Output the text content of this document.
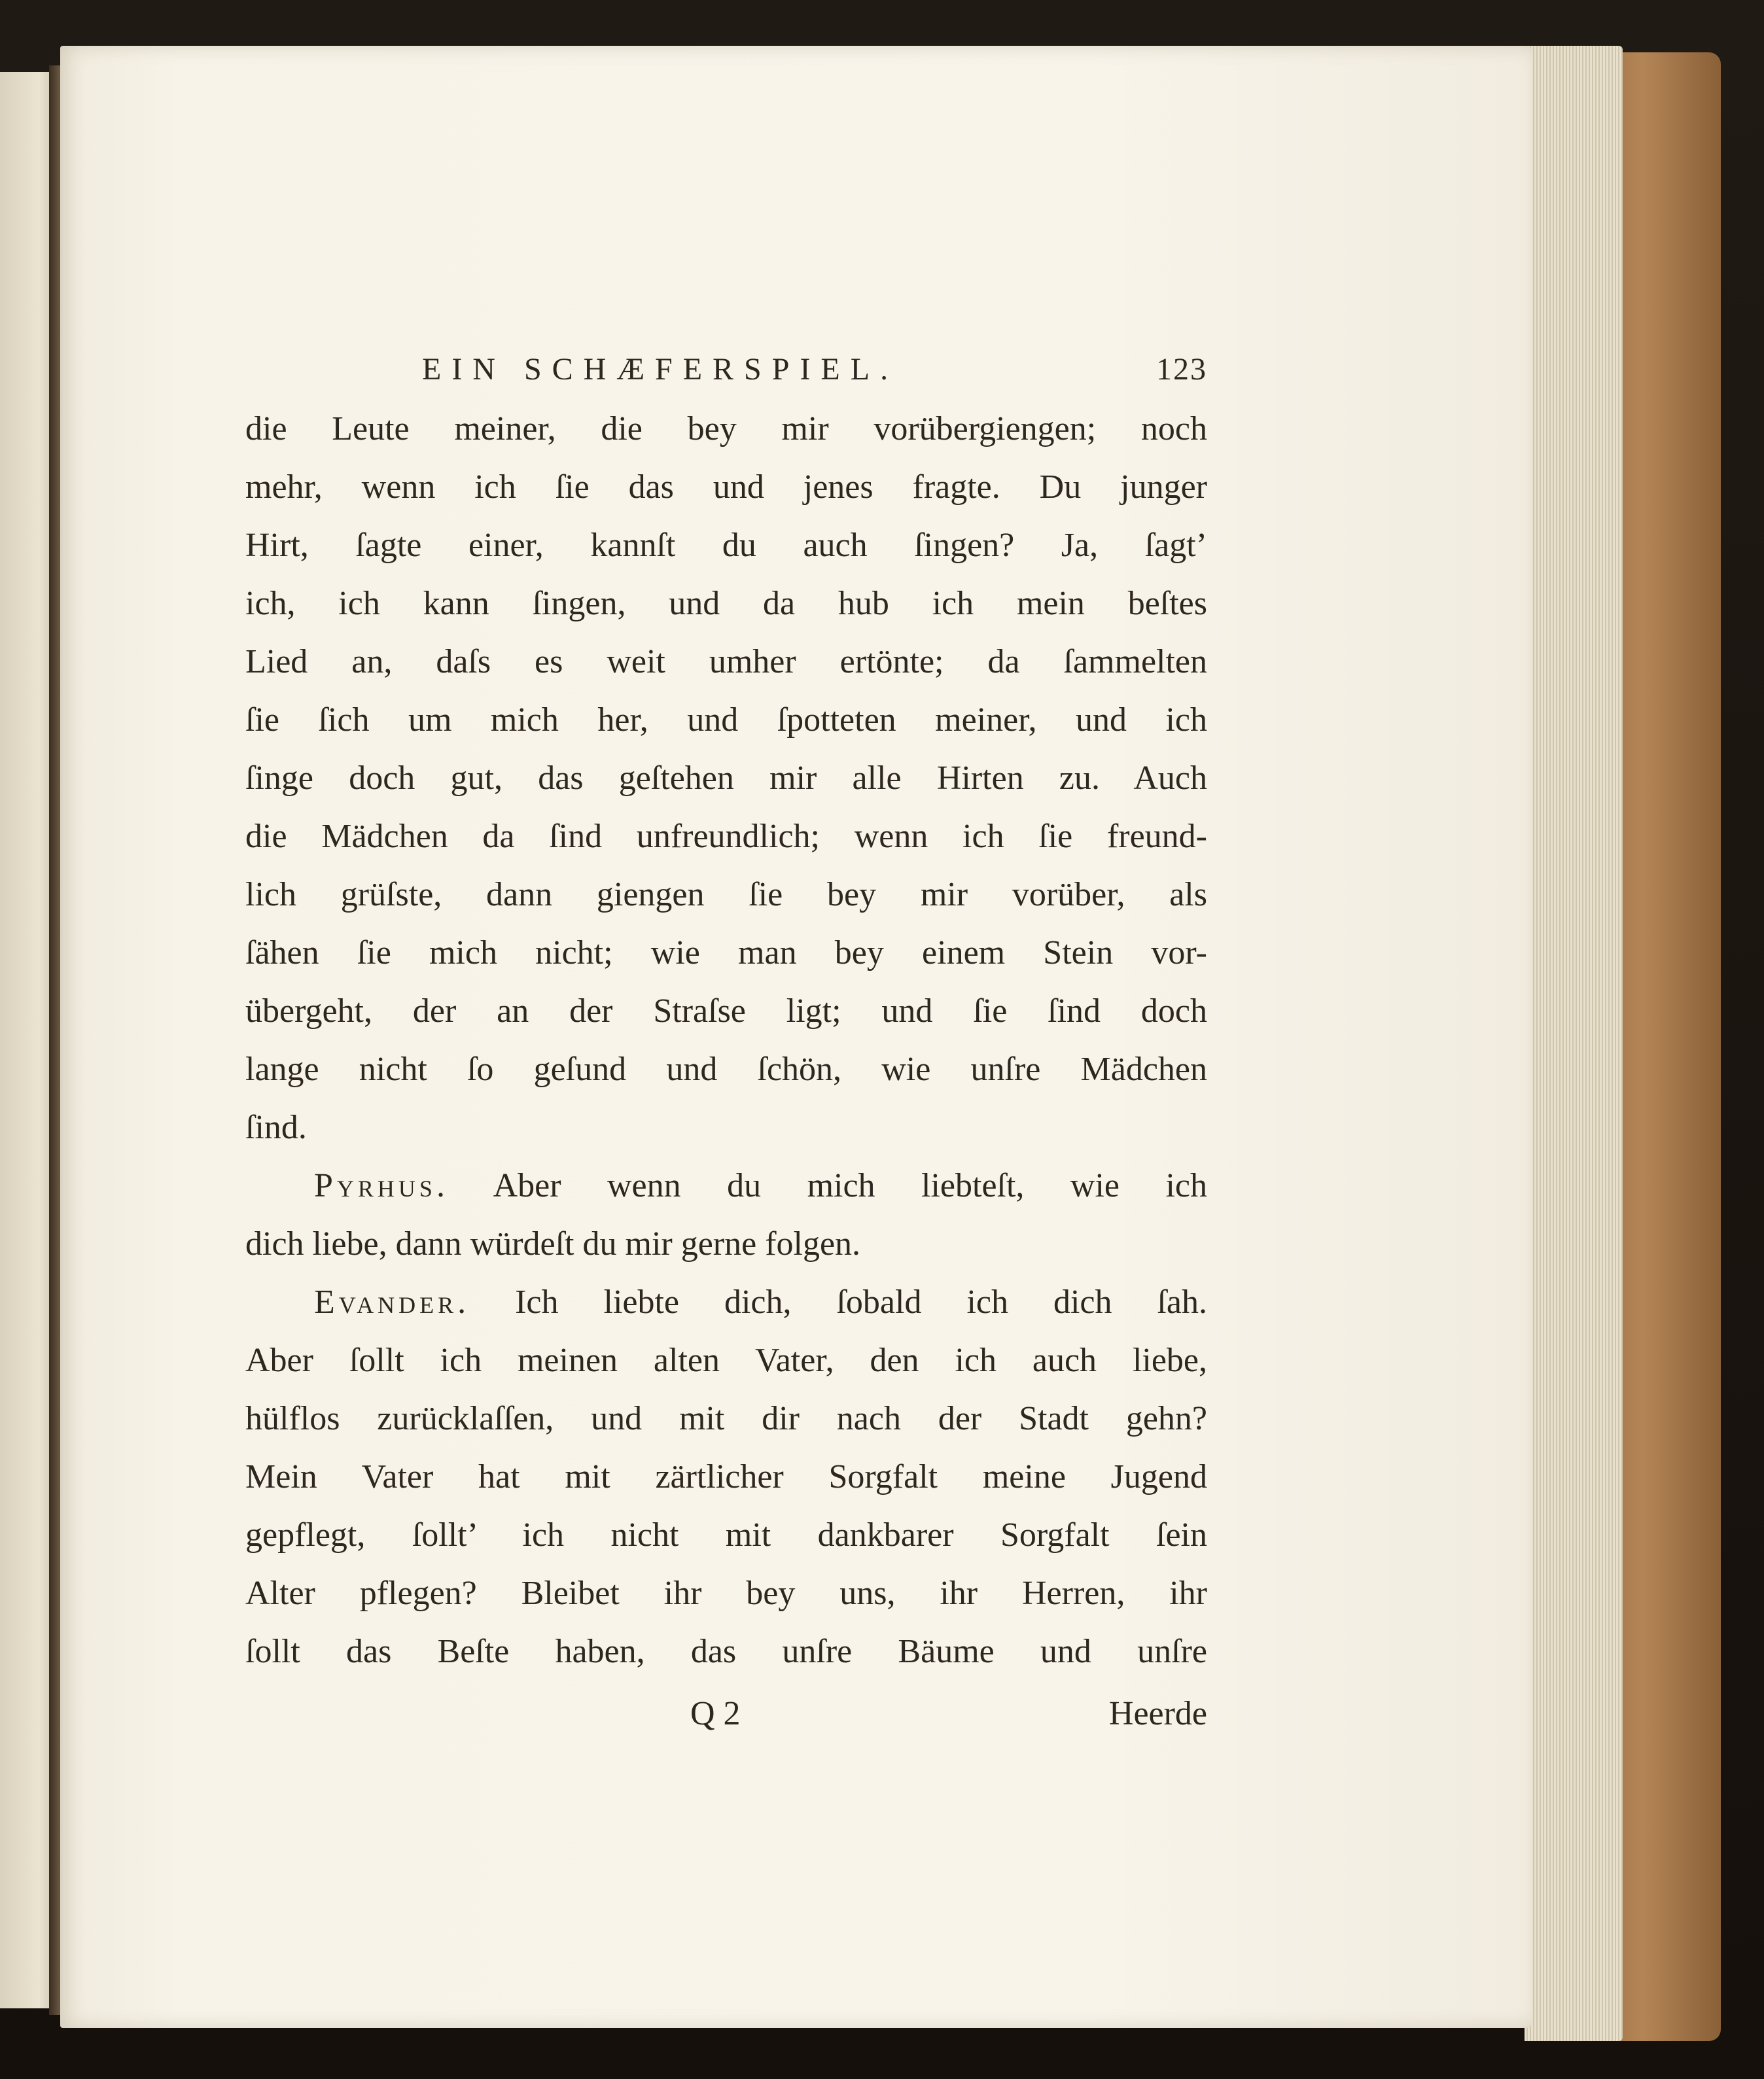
EIN SCHÆFERSPIEL.	123
die Leute meiner, die bey mir vorübergiengen; noch
mehr, wenn ich ſie das und jenes fragte. Du junger
Hirt, ſagte einer, kannſt du auch ſingen? Ja, ſagt’
ich, ich kann ſingen, und da hub ich mein beſtes
Lied an, daſs es weit umher ertönte; da ſammelten
ſie ſich um mich her, und ſpotteten meiner, und ich
ſinge doch gut, das geſtehen mir alle Hirten zu. Auch
die Mädchen da ſind unfreundlich; wenn ich ſie freund-
lich grüſste, dann giengen ſie bey mir vorüber, als
ſähen ſie mich nicht; wie man bey einem Stein vor-
übergeht, der an der Straſse ligt; und ſie ſind doch
lange nicht ſo geſund und ſchön, wie unſre Mädchen
ſind.
Pyrhus. Aber wenn du mich liebteſt, wie ich
dich liebe, dann würdeſt du mir gerne folgen.
Evander. Ich liebte dich, ſobald ich dich ſah.
Aber ſollt ich meinen alten Vater, den ich auch liebe,
hülflos zurücklaſſen, und mit dir nach der Stadt gehn?
Mein Vater hat mit zärtlicher Sorgfalt meine Jugend
gepflegt, ſollt’ ich nicht mit dankbarer Sorgfalt ſein
Alter pflegen? Bleibet ihr bey uns, ihr Herren, ihr
ſollt das Beſte haben, das unſre Bäume und unſre
Q 2	Heerde
